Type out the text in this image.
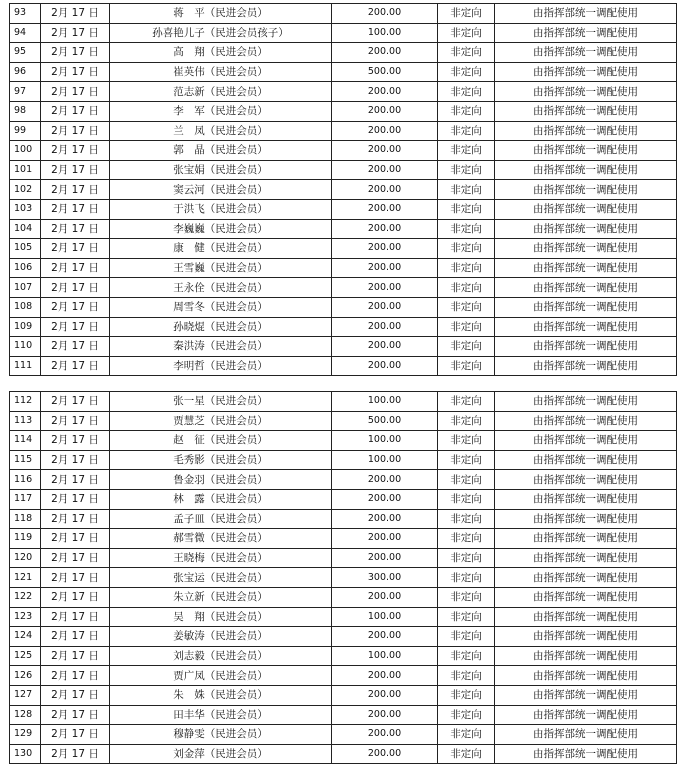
93	2月 17 日	蒋　平（民进会员）	200.00	非定向	由指挥部统一调配使用
94	2月 17 日	孙喜艳儿子（民进会员孩子）	100.00	非定向	由指挥部统一调配使用
95	2月 17 日	高　翔（民进会员）	200.00	非定向	由指挥部统一调配使用
96	2月 17 日	崔英伟（民进会员）	500.00	非定向	由指挥部统一调配使用
97	2月 17 日	范志新（民进会员）	200.00	非定向	由指挥部统一调配使用
98	2月 17 日	李　军（民进会员）	200.00	非定向	由指挥部统一调配使用
99	2月 17 日	兰　凤（民进会员）	200.00	非定向	由指挥部统一调配使用
100	2月 17 日	郭　晶（民进会员）	200.00	非定向	由指挥部统一调配使用
101	2月 17 日	张宝娟（民进会员）	200.00	非定向	由指挥部统一调配使用
102	2月 17 日	窦云河（民进会员）	200.00	非定向	由指挥部统一调配使用
103	2月 17 日	于洪飞（民进会员）	200.00	非定向	由指挥部统一调配使用
104	2月 17 日	李巍巍（民进会员）	200.00	非定向	由指挥部统一调配使用
105	2月 17 日	康　健（民进会员）	200.00	非定向	由指挥部统一调配使用
106	2月 17 日	王雪巍（民进会员）	200.00	非定向	由指挥部统一调配使用
107	2月 17 日	王永佺（民进会员）	200.00	非定向	由指挥部统一调配使用
108	2月 17 日	周雪冬（民进会员）	200.00	非定向	由指挥部统一调配使用
109	2月 17 日	孙晓焜（民进会员）	200.00	非定向	由指挥部统一调配使用
110	2月 17 日	秦洪涛（民进会员）	200.00	非定向	由指挥部统一调配使用
111	2月 17 日	李明哲（民进会员）	200.00	非定向	由指挥部统一调配使用
112	2月 17 日	张一星（民进会员）	100.00	非定向	由指挥部统一调配使用
113	2月 17 日	贾慧芝（民进会员）	500.00	非定向	由指挥部统一调配使用
114	2月 17 日	赵　征（民进会员）	100.00	非定向	由指挥部统一调配使用
115	2月 17 日	毛秀影（民进会员）	100.00	非定向	由指挥部统一调配使用
116	2月 17 日	鲁金羽（民进会员）	200.00	非定向	由指挥部统一调配使用
117	2月 17 日	林　露（民进会员）	200.00	非定向	由指挥部统一调配使用
118	2月 17 日	孟子皿（民进会员）	200.00	非定向	由指挥部统一调配使用
119	2月 17 日	郝雪微（民进会员）	200.00	非定向	由指挥部统一调配使用
120	2月 17 日	王晓梅（民进会员）	200.00	非定向	由指挥部统一调配使用
121	2月 17 日	张宝运（民进会员）	300.00	非定向	由指挥部统一调配使用
122	2月 17 日	朱立新（民进会员）	200.00	非定向	由指挥部统一调配使用
123	2月 17 日	吴　翔（民进会员）	100.00	非定向	由指挥部统一调配使用
124	2月 17 日	姜敏涛（民进会员）	200.00	非定向	由指挥部统一调配使用
125	2月 17 日	刘志毅（民进会员）	100.00	非定向	由指挥部统一调配使用
126	2月 17 日	贾广凤（民进会员）	200.00	非定向	由指挥部统一调配使用
127	2月 17 日	朱　姝（民进会员）	200.00	非定向	由指挥部统一调配使用
128	2月 17 日	田丰华（民进会员）	200.00	非定向	由指挥部统一调配使用
129	2月 17 日	穆静雯（民进会员）	200.00	非定向	由指挥部统一调配使用
130	2月 17 日	刘金萍（民进会员）	200.00	非定向	由指挥部统一调配使用
